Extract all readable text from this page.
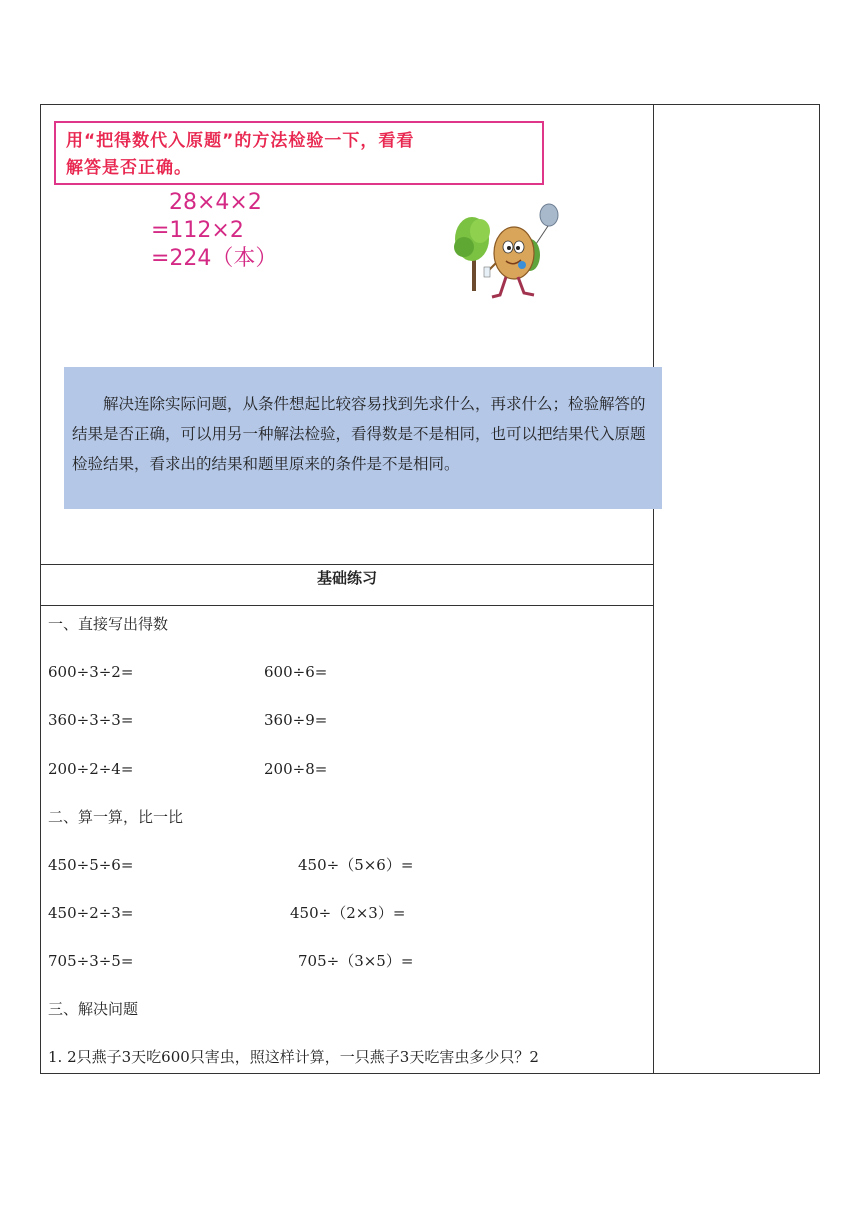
用“把得数代入原题”的方法检验一下，看看
解答是否正确。
28×4×2
=112×2
=224（本）
解决连除实际问题，从条件想起比较容易找到先求什么，再求什么；检验解答的结果是否正确，可以用另一种解法检验，看得数是不是相同，也可以把结果代入原题检验结果，看求出的结果和题里原来的条件是不是相同。
基础练习
一、直接写出得数
600÷3÷2=	600÷6=
360÷3÷3=	360÷9=
200÷2÷4=	200÷8=
二、算一算，比一比
450÷5÷6=	450÷（5×6）=
450÷2÷3=	450÷（2×3）=
705÷3÷5=	705÷（3×5）=
三、解决问题
1. 2只燕子3天吃600只害虫，照这样计算，一只燕子3天吃害虫多少只？2
